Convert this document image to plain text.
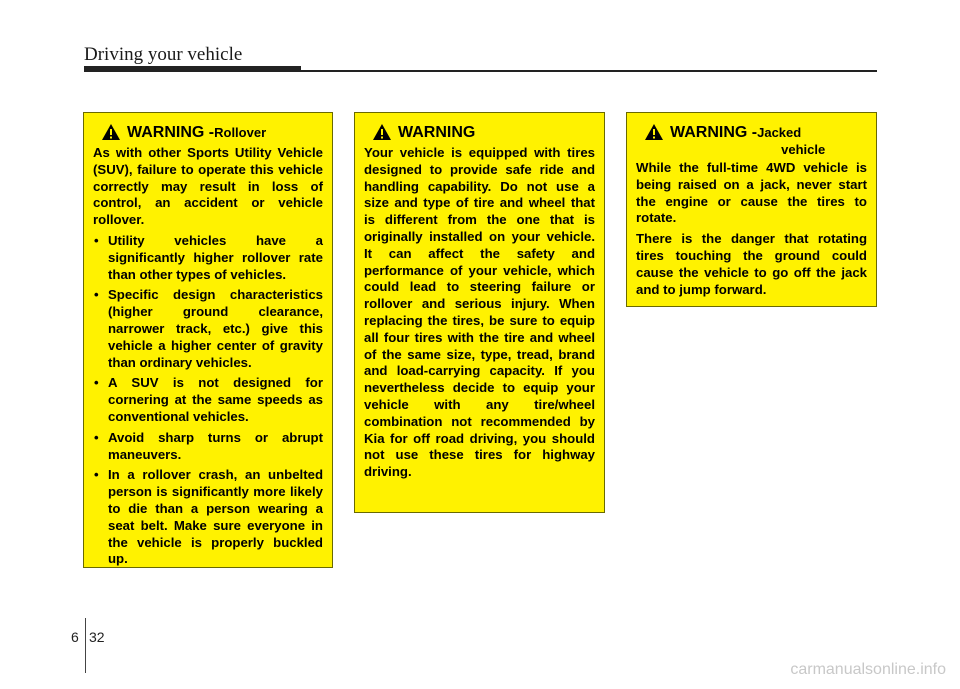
Driving your vehicle
WARNING - Rollover

As with other Sports Utility Vehicle (SUV), failure to operate this vehicle correctly may result in loss of control, an accident or vehicle rollover.

• Utility vehicles have a significantly higher rollover rate than other types of vehicles.
• Specific design characteristics (higher ground clearance, narrower track, etc.) give this vehicle a higher center of gravity than ordinary vehicles.
• A SUV is not designed for cornering at the same speeds as conventional vehicles.
• Avoid sharp turns or abrupt maneuvers.
• In a rollover crash, an unbelted person is significantly more likely to die than a person wearing a seat belt. Make sure everyone in the vehicle is properly buckled up.
WARNING

Your vehicle is equipped with tires designed to provide safe ride and handling capability. Do not use a size and type of tire and wheel that is different from the one that is originally installed on your vehicle. It can affect the safety and performance of your vehicle, which could lead to steering failure or rollover and serious injury. When replacing the tires, be sure to equip all four tires with the tire and wheel of the same size, type, tread, brand and load-carrying capacity. If you nevertheless decide to equip your vehicle with any tire/wheel combination not recommended by Kia for off road driving, you should not use these tires for highway driving.

WARNING - Jacked
vehicle

While the full-time 4WD vehicle is being raised on a jack, never start the engine or cause the tires to rotate.

There is the danger that rotating tires touching the ground could cause the vehicle to go off the jack and to jump forward.

6 32
carmanualsonline.info
